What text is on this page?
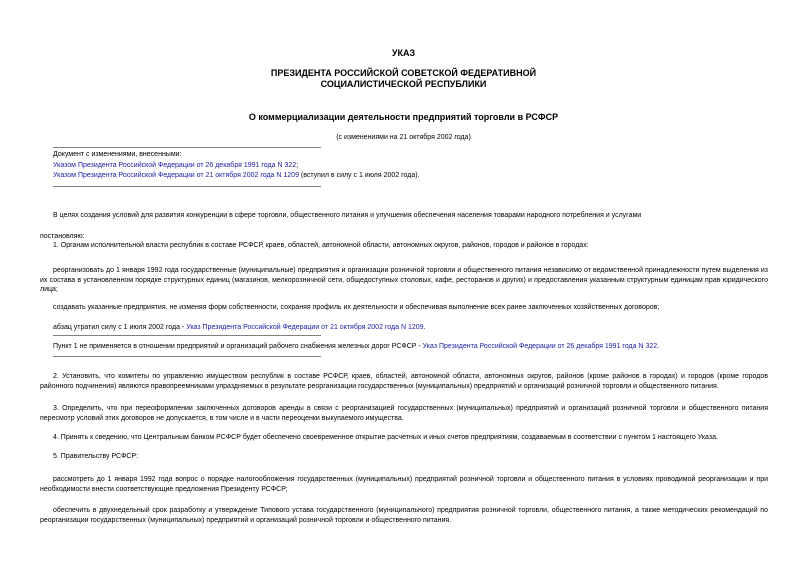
УКАЗ
ПРЕЗИДЕНТА РОССИЙСКОЙ СОВЕТСКОЙ ФЕДЕРАТИВНОЙ
СОЦИАЛИСТИЧЕСКОЙ РЕСПУБЛИКИ
О коммерциализации деятельности предприятий торговли в РСФСР
(с изменениями на 21 октября 2002 года)
Документ с изменениями, внесенными:
Указом Президента Российской Федерации от 26 декабря 1991 года N 322;
Указом Президента Российской Федерации от 21 октября 2002 года N 1209 (вступил в силу с 1 июля 2002 года).
В целях создания условий для развития конкуренции в сфере торговли, общественного питания и улучшения обеспечения населения товарами народного потребления и услугами
постановляю:
1. Органам исполнительной власти республик в составе РСФСР, краев, областей, автономной области, автономных округов, районов, городов и районов в городах:
реорганизовать до 1 января 1992 года государственные (муниципальные) предприятия и организации розничной торговли и общественного питания независимо от ведомственной принадлежности путем выделения из их состава в установленном порядке структурных единиц (магазинов, мелкорозничной сети, общедоступных столовых, кафе, ресторанов и других) и предоставления указанным структурным единицам прав юридического лица;
создавать указанные предприятия, не изменяя форм собственности, сохраняя профиль их деятельности и обеспечивая выполнение всех ранее заключенных хозяйственных договоров;
абзац утратил силу с 1 июля 2002 года - Указ Президента Российской Федерации от 21 октября 2002 года N 1209.
Пункт 1 не применяется в отношении предприятий и организаций рабочего снабжения железных дорог РСФСР - Указ Президента Российской Федерации от 26 декабря 1991 года N 322.
2. Установить, что комитеты по управлению имуществом республик в составе РСФСР, краев, областей, автономной области, автономных округов, районов (кроме районов в городах) и городов (кроме городов районного подчинения) являются правопреемниками упраздняемых в результате реорганизации государственных (муниципальных) предприятий и организаций розничной торговли и общественного питания.
3. Определить, что при переоформлении заключенных договоров аренды в связи с реорганизацией государственных (муниципальных) предприятий и организаций розничной торговли и общественного питания пересмотр условий этих договоров не допускается, в том числе и в части переоценки выкупаемого имущества.
4. Принять к сведению, что Центральным банком РСФСР будет обеспечено своевременное открытие расчетных и иных счетов предприятиям, создаваемым в соответствии с пунктом 1 настоящего Указа.
5. Правительству РСФСР:
рассмотреть до 1 января 1992 года вопрос о порядке налогообложения государственных (муниципальных) предприятий розничной торговли и общественного питания в условиях проводимой реорганизации и при необходимости внести соответствующие предложения Президенту РСФСР;
обеспечить в двухнедельный срок разработку и утверждение Типового устава государственного (муниципального) предприятия розничной торговли, общественного питания, а также методических рекомендаций по реорганизации государственных (муниципальных) предприятий и организаций розничной торговли и общественного питания.
